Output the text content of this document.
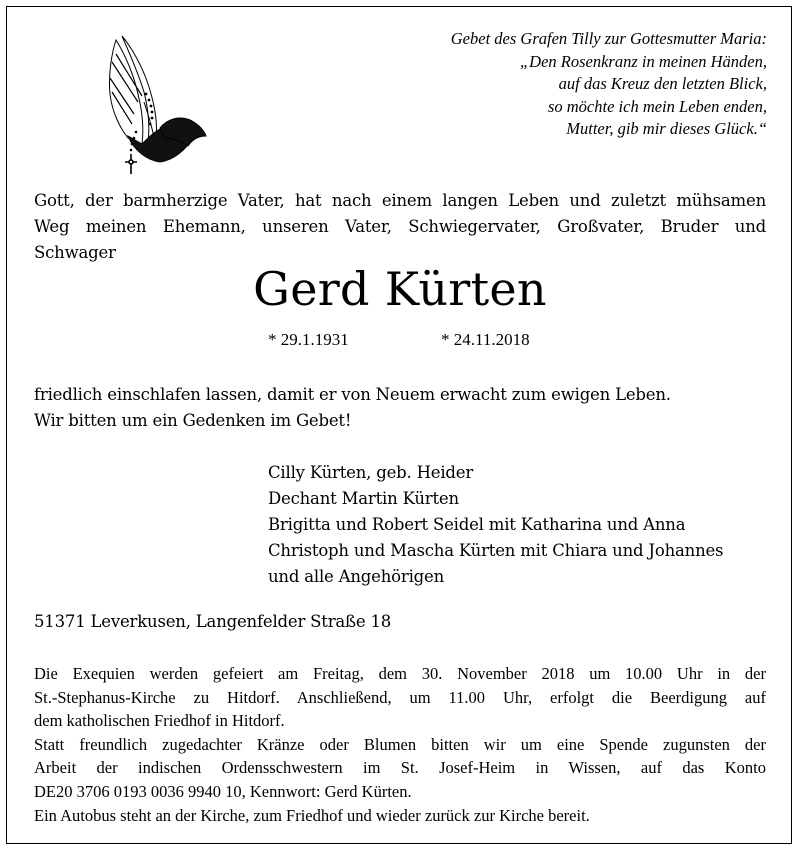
Gebet des Grafen Tilly zur Gottesmutter Maria:
„Den Rosenkranz in meinen Händen,
auf das Kreuz den letzten Blick,
so möchte ich mein Leben enden,
Mutter, gib mir dieses Glück.“
Gott, der barmherzige Vater, hat nach einem langen Leben und zuletzt mühsamen
Weg meinen Ehemann, unseren Vater, Schwiegervater, Großvater, Bruder und
Schwager
Gerd Kürten
* 29.1.1931	* 24.11.2018
friedlich einschlafen lassen, damit er von Neuem erwacht zum ewigen Leben.
Wir bitten um ein Gedenken im Gebet!
Cilly Kürten, geb. Heider
Dechant Martin Kürten
Brigitta und Robert Seidel mit Katharina und Anna
Christoph und Mascha Kürten mit Chiara und Johannes
und alle Angehörigen
51371 Leverkusen, Langenfelder Straße 18
Die Exequien werden gefeiert am Freitag, dem 30. November 2018 um 10.00 Uhr in der
St.-Stephanus-Kirche zu Hitdorf. Anschließend, um 11.00 Uhr, erfolgt die Beerdigung auf
dem katholischen Friedhof in Hitdorf.
Statt freundlich zugedachter Kränze oder Blumen bitten wir um eine Spende zugunsten der
Arbeit der indischen Ordensschwestern im St. Josef-Heim in Wissen, auf das Konto
DE20 3706 0193 0036 9940 10, Kennwort: Gerd Kürten.
Ein Autobus steht an der Kirche, zum Friedhof und wieder zurück zur Kirche bereit.
